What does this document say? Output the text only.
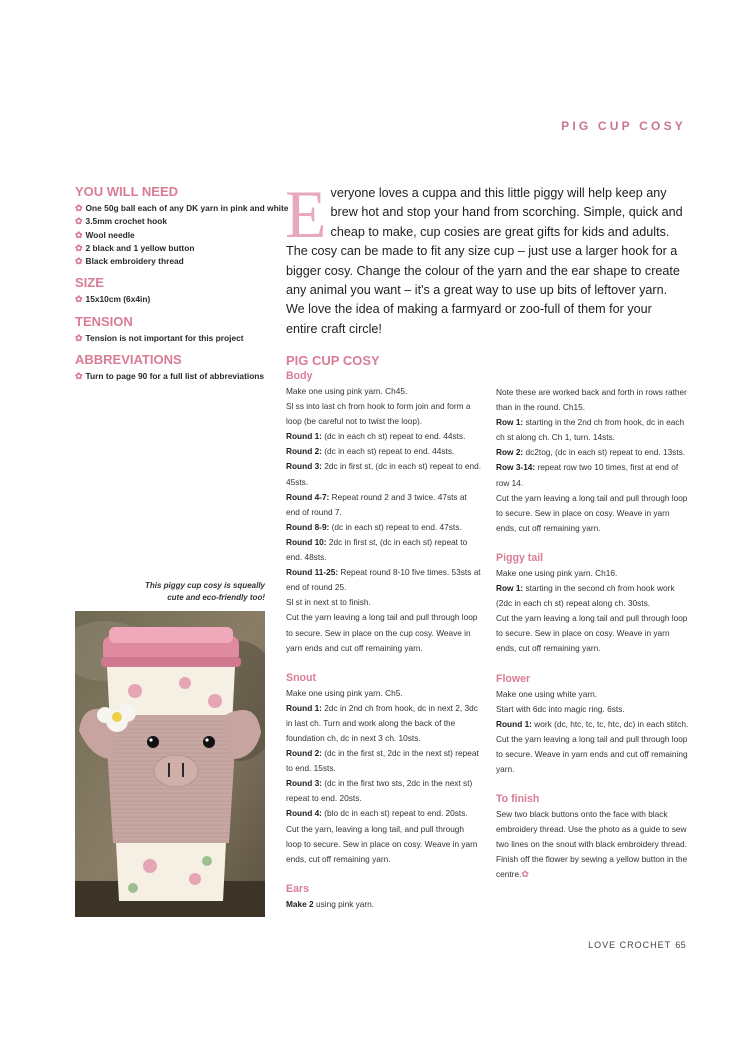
PIG CUP COSY
YOU WILL NEED
✿ One 50g ball each of any DK yarn in pink and white
✿ 3.5mm crochet hook
✿ Wool needle
✿ 2 black and 1 yellow button
✿ Black embroidery thread
SIZE
✿ 15x10cm (6x4in)
TENSION
✿ Tension is not important for this project
ABBREVIATIONS
✿ Turn to page 90 for a full list of abbreviations
Everyone loves a cuppa and this little piggy will help keep any brew hot and stop your hand from scorching. Simple, quick and cheap to make, cup cosies are great gifts for kids and adults. The cosy can be made to fit any size cup – just use a larger hook for a bigger cosy. Change the colour of the yarn and the ear shape to create any animal you want – it's a great way to use up bits of leftover yarn. We love the idea of making a farmyard or zoo-full of them for your entire craft circle!
This piggy cup cosy is squeally
cute and eco-friendly too!
PIG CUP COSY
Body

Make one using pink yarn. Ch45.

Sl ss into last ch from hook to form join and form a loop (be careful not to twist the loop).

Round 1: (dc in each ch st) repeat to end. 44sts.

Round 2: (dc in each st) repeat to end. 44sts.

Round 3: 2dc in first st, (dc in each st) repeat to end. 45sts.

Round 4-7: Repeat round 2 and 3 twice. 47sts at end of round 7.

Round 8-9: (dc in each st) repeat to end. 47sts.

Round 10: 2dc in first st, (dc in each st) repeat to end. 48sts.

Round 11-25: Repeat round 8-10 five times. 53sts at end of round 25.

Sl st in next st to finish.

Cut the yarn leaving a long tail and pull through loop to secure. Sew in place on the cup cosy. Weave in yarn ends and cut off remaining yarn.

Snout

Make one using pink yarn. Ch5.

Round 1: 2dc in 2nd ch from hook, dc in next 2, 3dc in last ch. Turn and work along the back of the foundation ch, dc in next 3 ch. 10sts.

Round 2: (dc in the first st, 2dc in the next st) repeat to end. 15sts.

Round 3: (dc in the first two sts, 2dc in the next st) repeat to end. 20sts.

Round 4: (blo dc in each st) repeat to end. 20sts.

Cut the yarn, leaving a long tail, and pull through loop to secure. Sew in place on cosy. Weave in yarn ends, cut off remaining yarn.

Ears

Make 2 using pink yarn.

Note these are worked back and forth in rows rather than in the round. Ch15.

Row 1: starting in the 2nd ch from hook, dc in each ch st along ch. Ch 1, turn. 14sts.

Row 2: dc2tog, (dc in each st) repeat to end. 13sts.

Row 3-14: repeat row two 10 times, first at end of row 14.

Cut the yarn leaving a long tail and pull through loop to secure. Sew in place on cosy. Weave in yarn ends, cut off remaining yarn.

Piggy tail

Make one using pink yarn. Ch16.

Row 1: starting in the second ch from hook work (2dc in each ch st) repeat along ch. 30sts.

Cut the yarn leaving a long tail and pull through loop to secure. Sew in place on cosy. Weave in yarn ends, cut off remaining yarn.

Flower

Make one using white yarn.

Start with 6dc into magic ring. 6sts.

Round 1: work (dc, htc, tc, tc, htc, dc) in each stitch.

Cut the yarn leaving a long tail and pull through loop to secure. Weave in yarn ends and cut off remaining yarn.

To finish

Sew two black buttons onto the face with black embroidery thread. Use the photo as a guide to sew two lines on the snout with black embroidery thread. Finish off the flower by sewing a yellow button in the centre.✿

LOVE CROCHET 65
